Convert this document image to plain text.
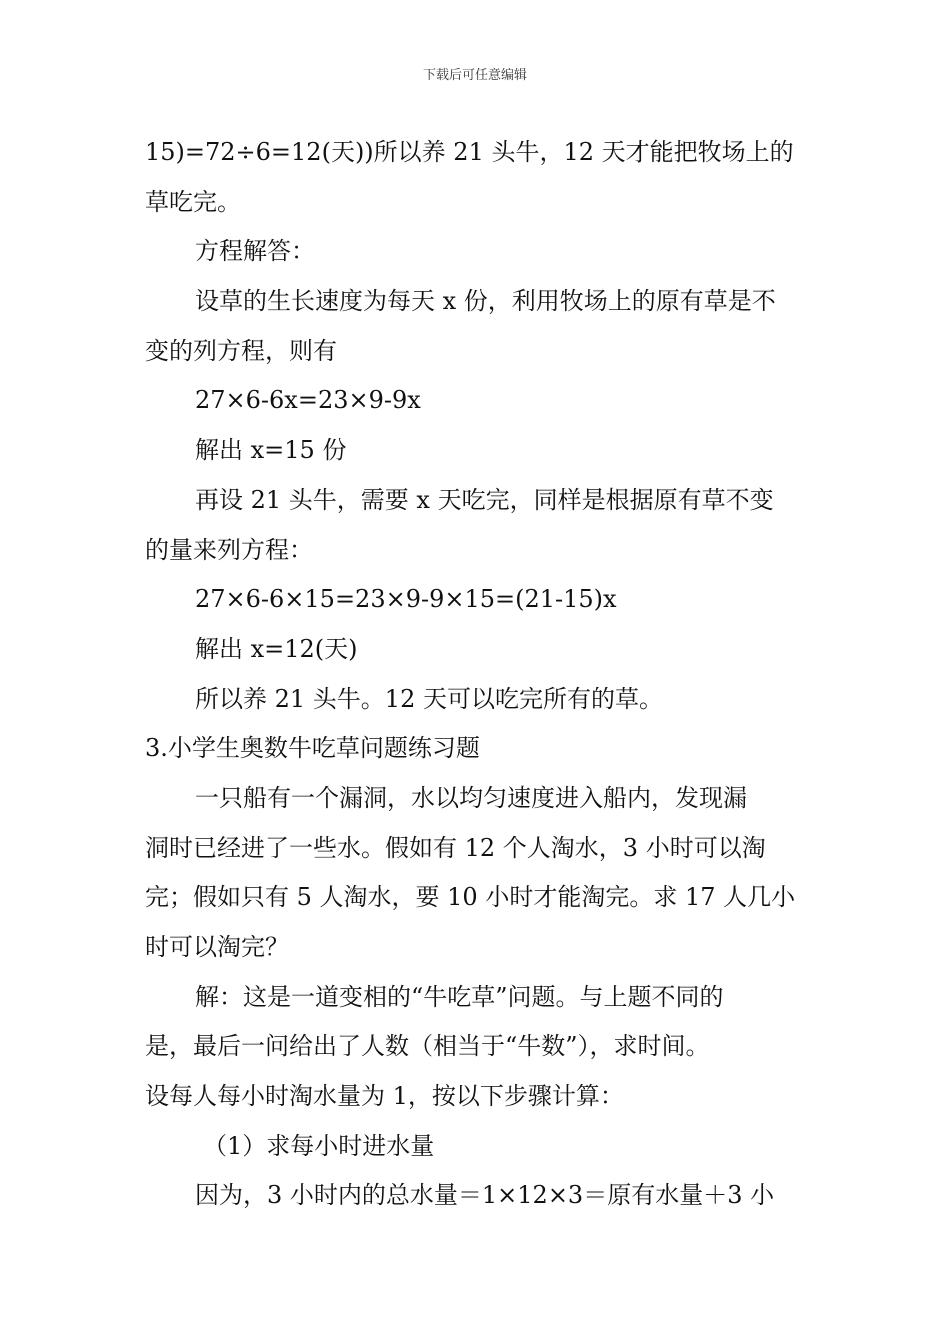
下载后可任意编辑
15)=72÷6=12(天))所以养 21 头牛，12 天才能把牧场上的
草吃完。
方程解答：
设草的生长速度为每天 x 份，利用牧场上的原有草是不
变的列方程，则有
27×6-6x=23×9-9x
解出 x=15 份
再设 21 头牛，需要 x 天吃完，同样是根据原有草不变
的量来列方程：
27×6-6×15=23×9-9×15=(21-15)x
解出 x=12(天)
所以养 21 头牛。12 天可以吃完所有的草。
3.小学生奥数牛吃草问题练习题
一只船有一个漏洞，水以均匀速度进入船内，发现漏
洞时已经进了一些水。假如有 12 个人淘水，3 小时可以淘
完；假如只有 5 人淘水，要 10 小时才能淘完。求 17 人几小
时可以淘完？
解：这是一道变相的“牛吃草”问题。与上题不同的
是，最后一问给出了人数（相当于“牛数”），求时间。
设每人每小时淘水量为 1，按以下步骤计算：
（1）求每小时进水量
因为，3 小时内的总水量＝1×12×3＝原有水量＋3 小
